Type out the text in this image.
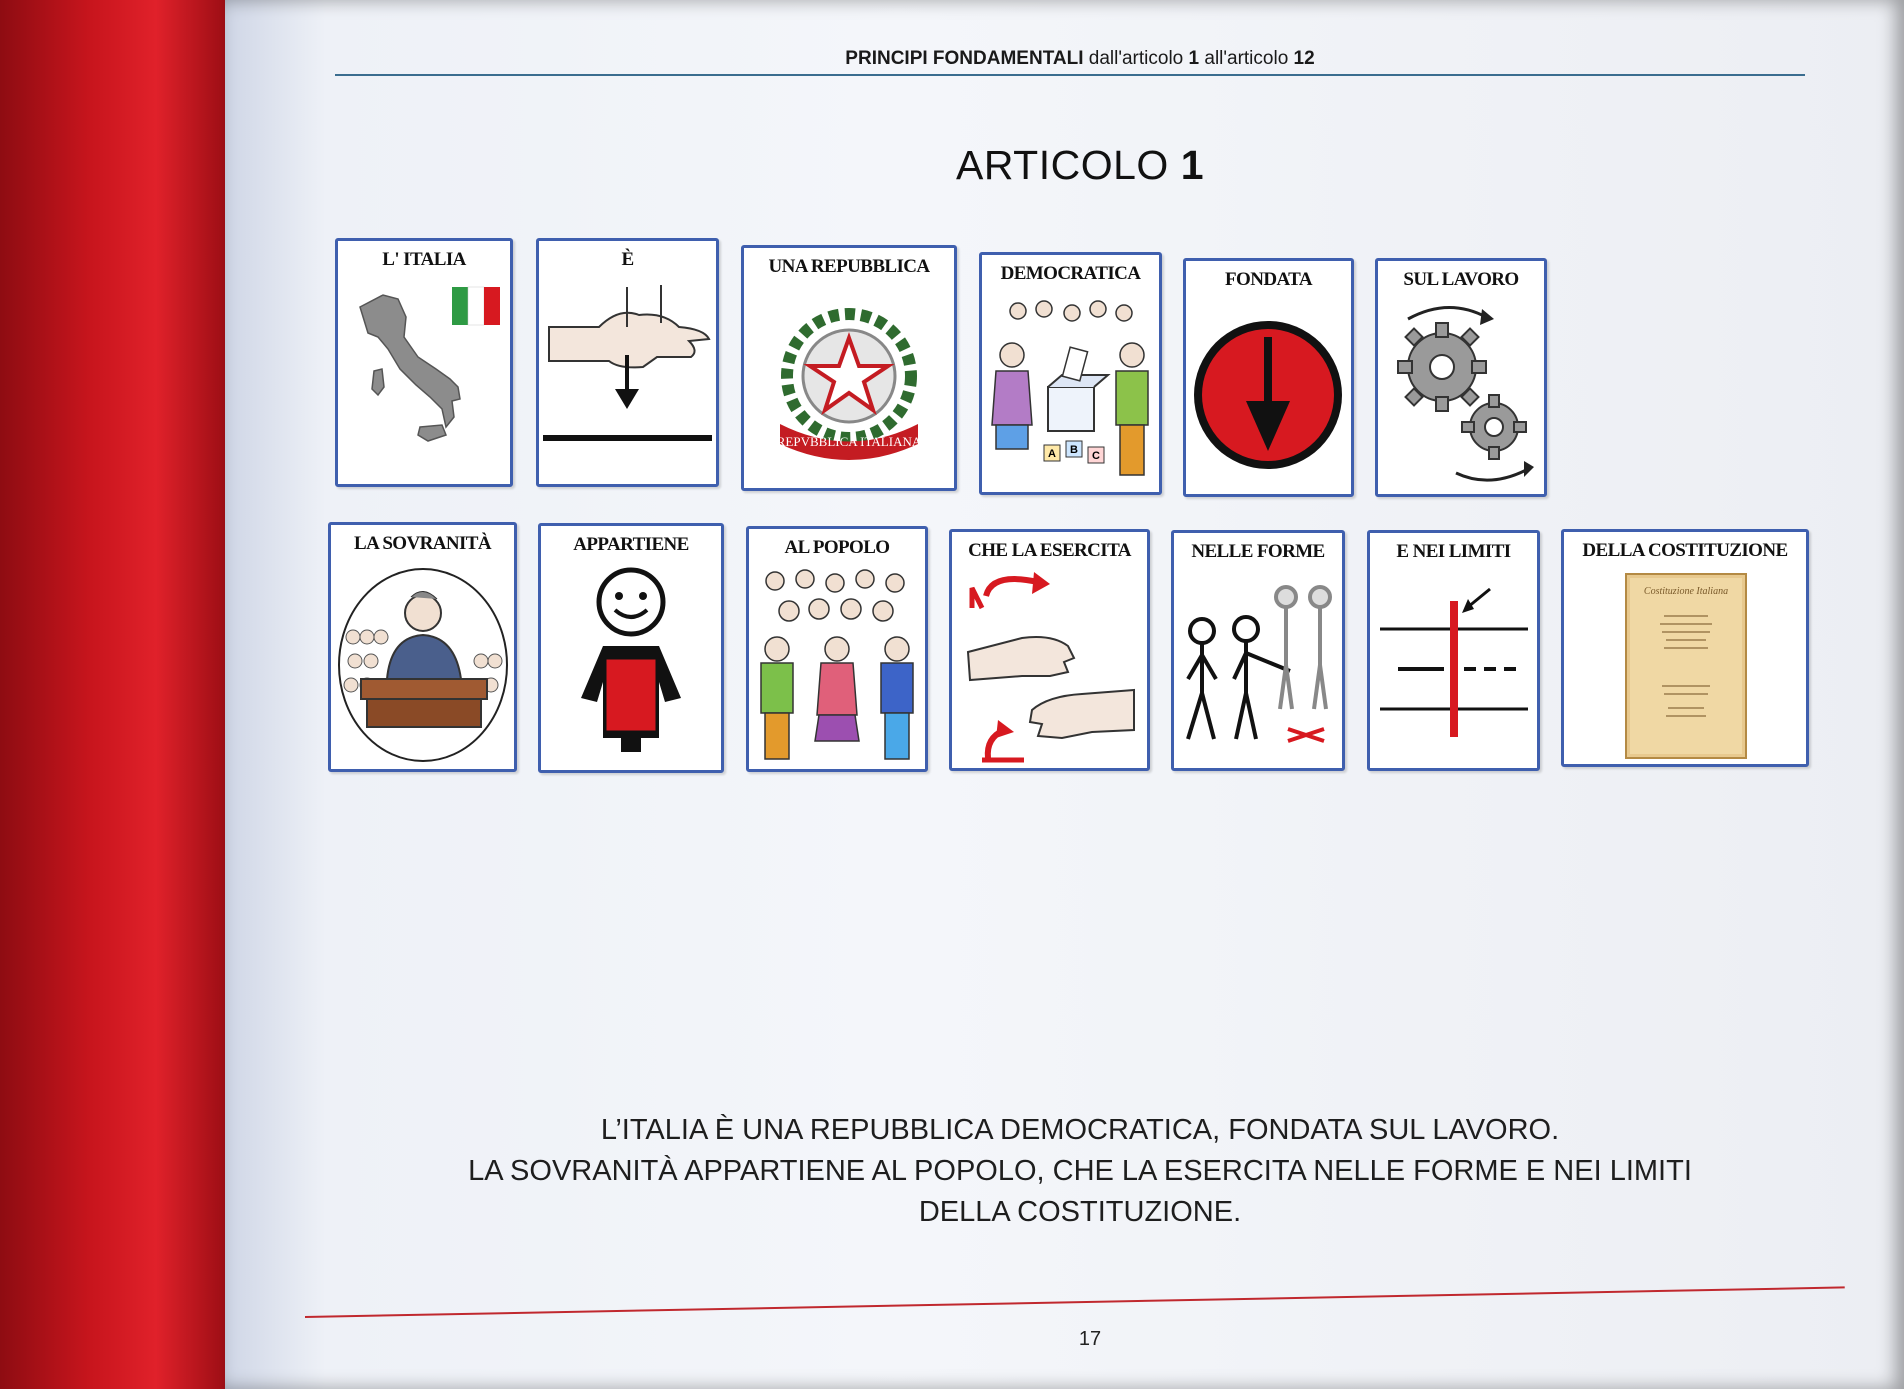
PRINCIPI FONDAMENTALI dall'articolo 1 all'articolo 12
ARTICOLO 1
L' ITALIA	È	UNA REPUBBLICA
REPVBBLICA ITALIANA
DEMOCRATICA
A B C
FONDATA	SUL LAVORO
LA SOVRANITÀ	APPARTIENE	AL POPOLO	CHE LA ESERCITA	NELLE FORME	E NEI LIMITI	DELLA COSTITUZIONE
Costituzione Italiana
L’ITALIA È UNA REPUBBLICA DEMOCRATICA, FONDATA SUL LAVORO.
LA SOVRANITÀ APPARTIENE AL POPOLO, CHE LA ESERCITA NELLE FORME E NEI LIMITI
DELLA COSTITUZIONE.
17
